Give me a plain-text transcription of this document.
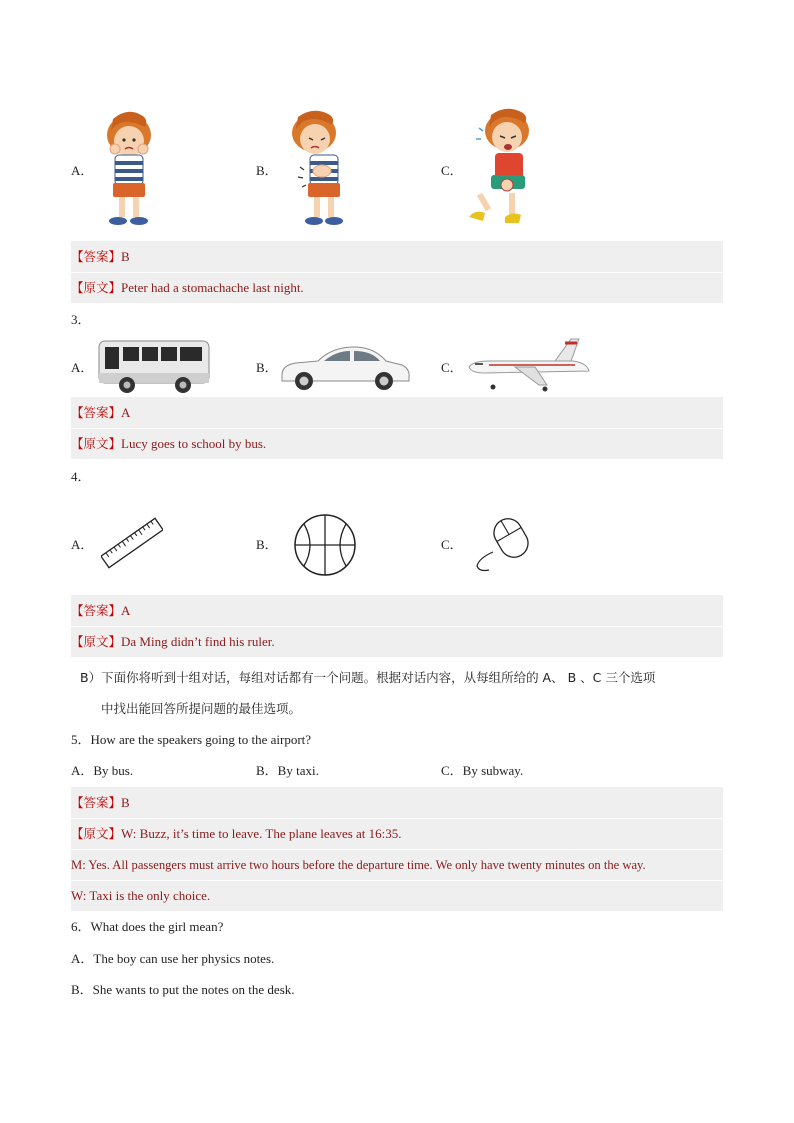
A．	B．	C．
【答案】B
【原文】Peter had a stomachache last night.
3．
A．	B．	C．
【答案】A
【原文】Lucy goes to school by bus.
4．
A．	B．	C．
【答案】A
【原文】Da Ming didn’t find his ruler.
B）下面你将听到十组对话，每组对话都有一个问题。根据对话内容，从每组所给的 A、 B 、C 三个选项
中找出能回答所提问题的最佳选项。
5．How are the speakers going to the airport?
A．By bus.	B．By taxi.	C．By subway.
【答案】B
【原文】W: Buzz, it’s time to leave. The plane leaves at 16:35.
M: Yes. All passengers must arrive two hours before the departure time. We only have twenty minutes on the way.
W: Taxi is the only choice.
6．What does the girl mean?
A．The boy can use her physics notes.
B．She wants to put the notes on the desk.
